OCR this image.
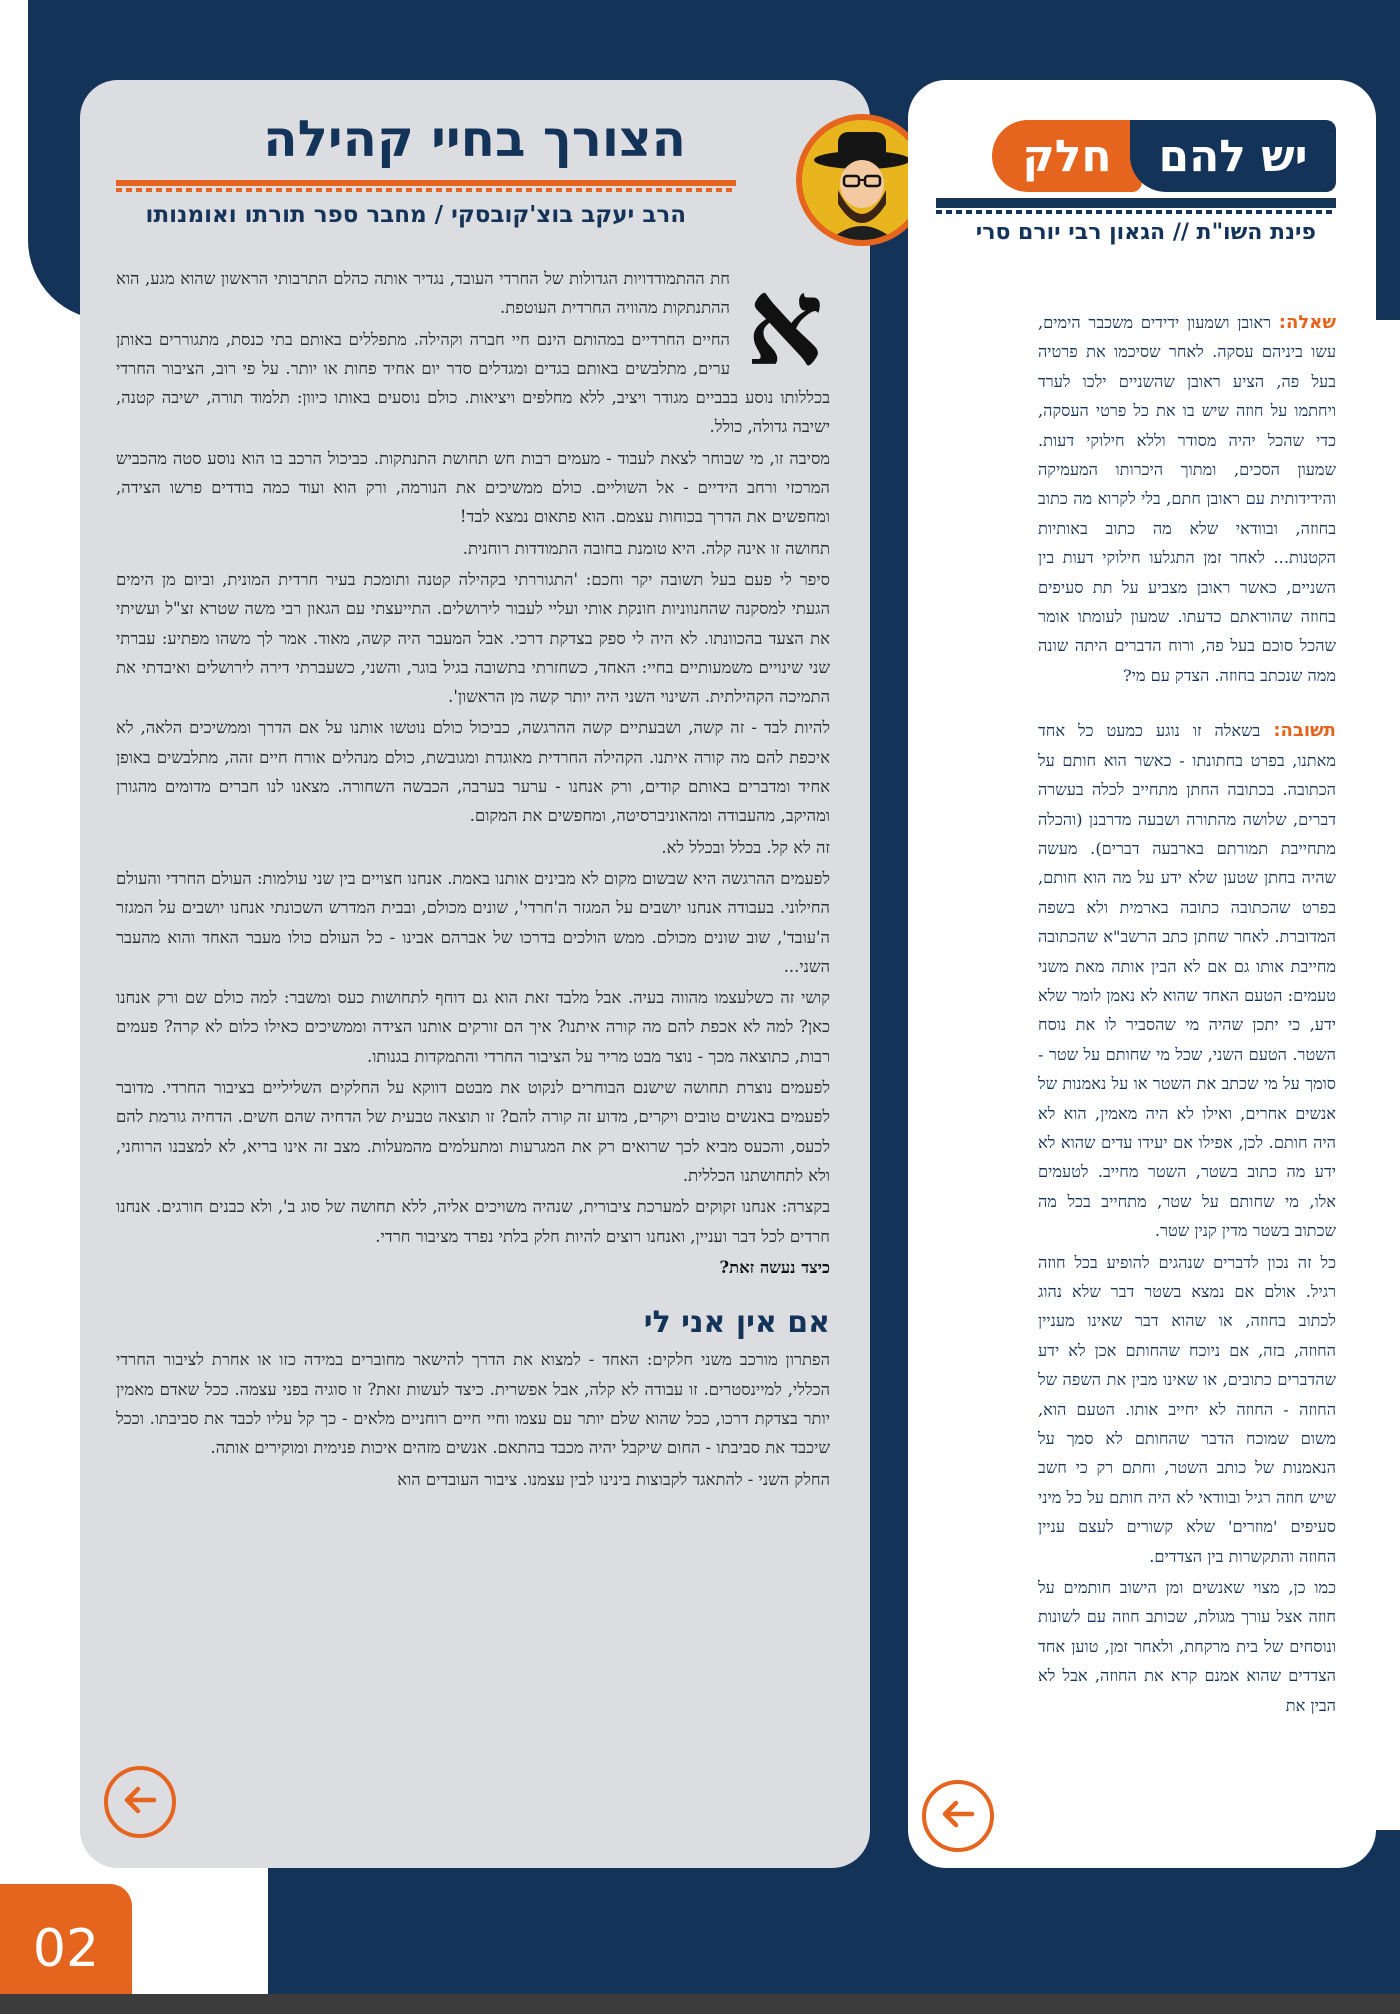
הצורך בחיי קהילה
הרב יעקב בוצ'קובסקי / מחבר ספר תורתו ואומנותו
א

חת ההתמודדויות הגדולות של החרדי העובד, נגדיר אותה כהלם התרבותי הראשון שהוא מגע, הוא ההתנתקות מהוויה החרדית העוטפת.

החיים החרדיים במהותם הינם חיי חברה וקהילה. מתפללים באותם בתי כנסת, מתגוררים באותן ערים, מתלבשים באותם בגדים ומגדלים סדר יום אחיד פחות או יותר. על פי רוב, הציבור החרדי בכללותו נוסע בבביים מגודר ויציב, ללא מחלפים ויציאות. כולם נוסעים באותו כיוון: תלמוד תורה, ישיבה קטנה, ישיבה גדולה, כולל.

מסיבה זו, מי שבוחר לצאת לעבוד - מעמים רבות חש תחושת התנתקות. כביכול הרכב בו הוא נוסע סטה מהכביש המרכזי ורחב הידיים - אל השוליים. כולם ממשיכים את הנורמה, ורק הוא ועוד כמה בודדים פרשו הצידה, ומחפשים את הדרך בכוחות עצמם. הוא פתאום נמצא לבד!

תחושה זו אינה קלה. היא טומנת בחובה התמודדות רוחנית.

סיפר לי פעם בעל תשובה יקר וחכם: 'התגוררתי בקהילה קטנה ותומכת בעיר חרדית המונית, וביום מן הימים הגעתי למסקנה שהחנווניות חונקת אותי ועליי לעבור לירושלים. התייעצתי עם הגאון רבי משה שטרא זצ"ל ועשיתי את הצעד בהכוונתו. לא היה לי ספק בצדקת דרכי. אבל המעבר היה קשה, מאוד. אמר לך משהו מפתיע: עברתי שני שינויים משמעותיים בחיי: האחד, כשחזרתי בתשובה בגיל בוגר, והשני, כשעברתי דירה לירושלים ואיבדתי את התמיכה הקהילתית. השינוי השני היה יותר קשה מן הראשון'.

להיות לבד - זה קשה, ושבעתיים קשה ההרגשה, כביכול כולם נוטשו אותנו על אם הדרך וממשיכים הלאה, לא איכפת להם מה קורה איתנו. הקהילה החרדית מאוגדת ומגובשת, כולם מנהלים אורח חיים זהה, מתלבשים באופן אחיד ומדברים באותם קודים, ורק אנחנו - ערער בערבה, הכבשה השחורה. מצאנו לנו חברים מדומים מהגורן ומהיקב, מהעבודה ומהאוניברסיטה, ומחפשים את המקום.

זה לא קל. בכלל ובכלל לא.

לפעמים ההרגשה היא שבשום מקום לא מבינים אותנו באמת. אנחנו חצויים בין שני עולמות: העולם החרדי והעולם החילוני. בעבודה אנחנו יושבים על המגזר ה'חרדי', שונים מכולם, ובבית המדרש השכונתי אנחנו יושבים על המגזר ה'עובד', שוב שונים מכולם. ממש הולכים בדרכו של אברהם אבינו - כל העולם כולו מעבר האחד והוא מהעבר השני...

קושי זה כשלעצמו מהווה בעיה. אבל מלבד זאת הוא גם דוחף לתחושות כעס ומשבר: למה כולם שם ורק אנחנו כאן? למה לא אכפת להם מה קורה איתנו? איך הם זורקים אותנו הצידה וממשיכים כאילו כלום לא קרה? פעמים רבות, כתוצאה מכך - נוצר מבט מריר על הציבור החרדי והתמקדות בגנותו.

לפעמים נוצרת תחושה שישנם הבוחרים לנקוט את מבטם דווקא על החלקים השליליים בציבור החרדי. מדובר לפעמים באנשים טובים ויקרים, מדוע זה קורה להם? זו תוצאה טבעית של הדחיה שהם חשים. הדחיה גורמת להם לכעס, והכעס מביא לכך שרואים רק את המגרעות ומתעלמים מהמעלות. מצב זה אינו בריא, לא למצבנו הרוחני, ולא לתחושתנו הכללית.

בקצרה: אנחנו זקוקים למערכת ציבורית, שנהיה משויכים אליה, ללא תחושה של סוג ב', ולא כבנים חורגים. אנחנו חרדים לכל דבר ועניין, ואנחנו רוצים להיות חלק בלתי נפרד מציבור חרדי.

כיצד נעשה זאת?

אם אין אני לי

הפתרון מורכב משני חלקים: האחד - למצוא את הדרך להישאר מחוברים במידה כזו או אחרת לציבור החרדי הכללי, למיינסטרים. זו עבודה לא קלה, אבל אפשרית. כיצד לעשות זאת? זו סוגיה בפני עצמה. ככל שאדם מאמין יותר בצדקת דרכו, ככל שהוא שלם יותר עם עצמו וחיי חיים רוחניים מלאים - כך קל עליו לכבד את סביבתו. וככל שיכבד את סביבתו - החום שיקבל יהיה מכבד בהתאם. אנשים מזהים איכות פנימית ומוקירים אותה.

החלק השני - להתאגד לקבוצות בינינו לבין עצמנו. ציבור העובדים הוא

חלק יש להם
פינת השו"ת // הגאון רבי יורם סרי

שאלה: ראובן ושמעון ידידים משכבר הימים, עשו ביניהם עסקה. לאחר שסיכמו את פרטיה בעל פה, הציע ראובן שהשניים ילכו לערד ויחתמו על חוזה שיש בו את כל פרטי העסקה, כדי שהכל יהיה מסודר וללא חילוקי דעות. שמעון הסכים, ומתוך היכרותו המעמיקה והידידותית עם ראובן חתם, בלי לקרוא מה כתוב בחוזה, ובוודאי שלא מה כתוב באותיות הקטנות... לאחר זמן התגלעו חילוקי דעות בין השניים, כאשר ראובן מצביע על תת סעיפים בחוזה שהוראתם כדעתו. שמעון לעומתו אומר שהכל סוכם בעל פה, ורוח הדברים היתה שונה ממה שנכתב בחוזה. הצדק עם מי?

תשובה: בשאלה זו נוגע כמעט כל אחד מאתנו, בפרט בחתונתו - כאשר הוא חותם על הכתובה. בכתובה החתן מתחייב לכלה בעשרה דברים, שלושה מהתורה ושבעה מדרבנן (והכלה מתחייבת תמורתם בארבעה דברים). מעשה שהיה בחתן שטען שלא ידע על מה הוא חותם, בפרט שהכתובה כתובה בארמית ולא בשפה המדוברת. לאחר שחתן כתב הרשב"א שהכתובה מחייבת אותו גם אם לא הבין אותה מאת משני טעמים: הטעם האחד שהוא לא נאמן לומר שלא ידע, כי יתכן שהיה מי שהסביר לו את נוסח השטר. הטעם השני, שכל מי שחותם על שטר - סומך על מי שכתב את השטר או על נאמנות של אנשים אחרים, ואילו לא היה מאמין, הוא לא היה חותם. לכן, אפילו אם יעידו עדים שהוא לא ידע מה כתוב בשטר, השטר מחייב. לטעמים אלו, מי שחותם על שטר, מתחייב בכל מה שכתוב בשטר מדין קנין שטר.

כל זה נכון לדברים שנהגים להופיע בכל חוזה רגיל. אולם אם נמצא בשטר דבר שלא נהוג לכתוב בחוזה, או שהוא דבר שאינו מעניין החוזה, בזה, אם ניוכח שהחותם אכן לא ידע שהדברים כתובים, או שאינו מבין את השפה של החוזה - החוזה לא יחייב אותו. הטעם הוא, משום שמוכח הדבר שהחותם לא סמך על הנאמנות של כותב השטר, וחתם רק כי חשב שיש חוזה רגיל ובוודאי לא היה חותם על כל מיני סעיפים 'מוזרים' שלא קשורים לעצם עניין החוזה והתקשרות בין הצדדים.

כמו כן, מצוי שאנשים ומן הישוב חותמים על חוזה אצל עורך מגולת, שכותב חוזה עם לשונות ונוסחים של בית מרקחת, ולאחר זמן, טוען אחד הצדדים שהוא אמנם קרא את החוזה, אבל לא הבין את

02
